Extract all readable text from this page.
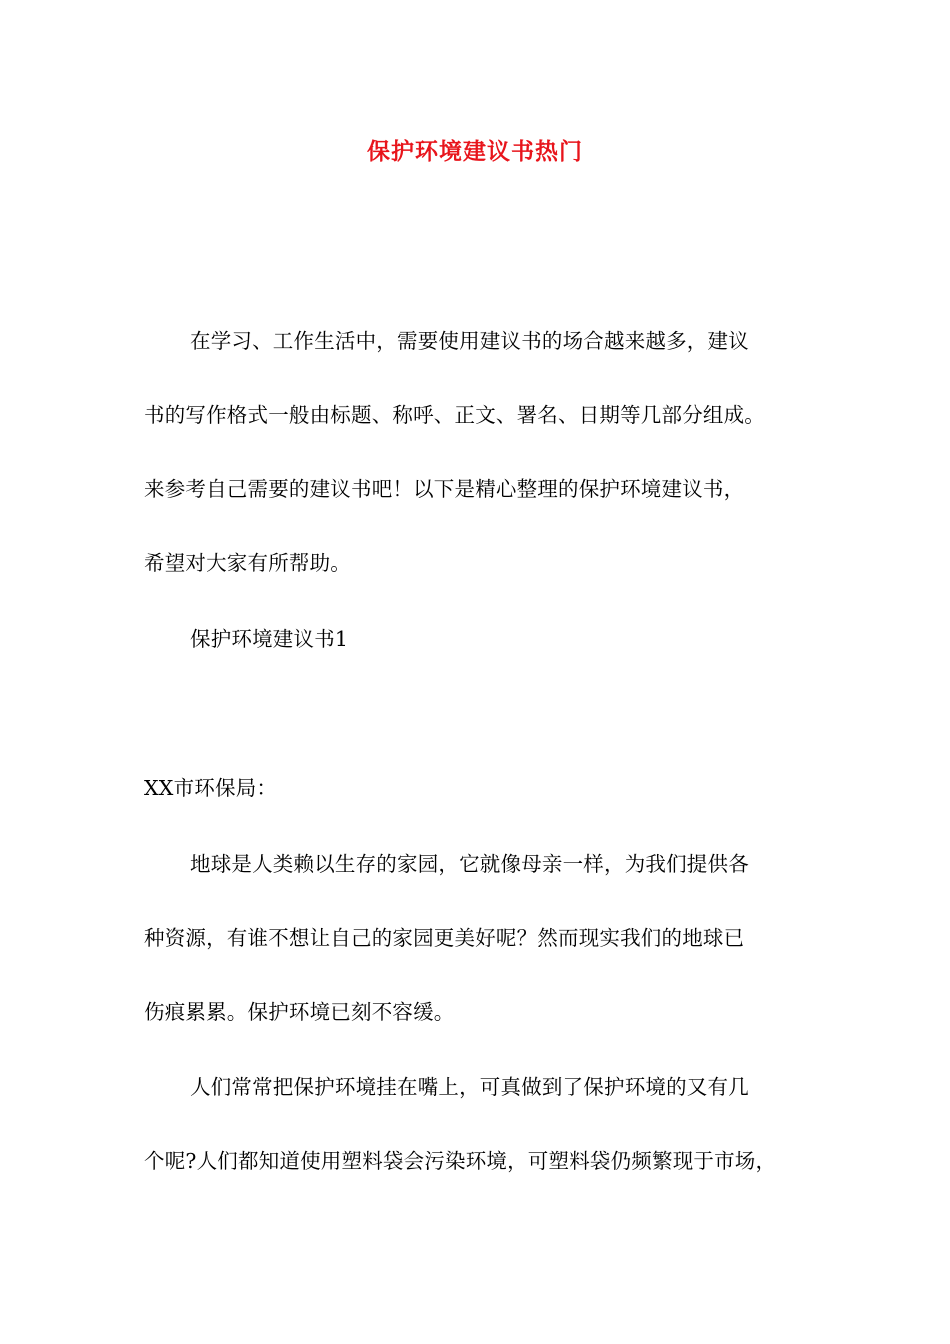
保护环境建议书热门
在学习、工作生活中，需要使用建议书的场合越来越多，建议
书的写作格式一般由标题、称呼、正文、署名、日期等几部分组成。
来参考自己需要的建议书吧！以下是精心整理的保护环境建议书，
希望对大家有所帮助。
保护环境建议书1
XX市环保局：
地球是人类赖以生存的家园，它就像母亲一样，为我们提供各
种资源，有谁不想让自己的家园更美好呢？然而现实我们的地球已
伤痕累累。保护环境已刻不容缓。
人们常常把保护环境挂在嘴上，可真做到了保护环境的又有几
个呢?人们都知道使用塑料袋会污染环境，可塑料袋仍频繁现于市场，
